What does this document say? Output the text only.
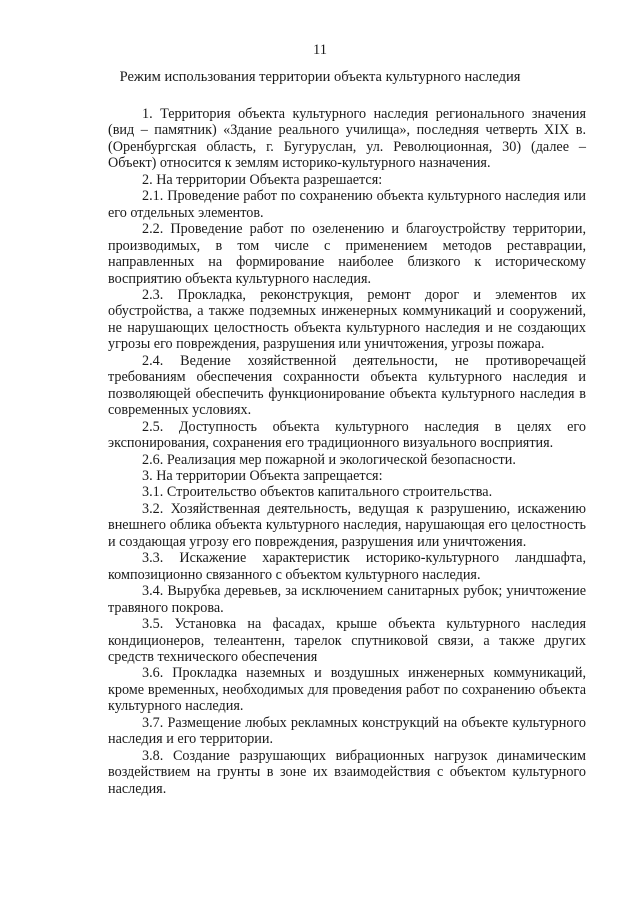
11
Режим использования территории объекта культурного наследия

1. Территория объекта культурного наследия регионального значения (вид – памятник) «Здание реального училища», последняя четверть XIX в. (Оренбургская область, г. Бугуруслан, ул. Революционная, 30) (далее – Объект) относится к землям историко-культурного назначения.

2. На территории Объекта разрешается:

2.1. Проведение работ по сохранению объекта культурного наследия или его отдельных элементов.

2.2. Проведение работ по озеленению и благоустройству территории, производимых, в том числе с применением методов реставрации, направленных на формирование наиболее близкого к историческому восприятию объекта культурного наследия.

2.3. Прокладка, реконструкция, ремонт дорог и элементов их обустройства, а также подземных инженерных коммуникаций и сооружений, не нарушающих целостность объекта культурного наследия и не создающих угрозы его повреждения, разрушения или уничтожения, угрозы пожара.

2.4. Ведение хозяйственной деятельности, не противоречащей требованиям обеспечения сохранности объекта культурного наследия и позволяющей обеспечить функционирование объекта культурного наследия в современных условиях.

2.5. Доступность объекта культурного наследия в целях его экспонирования, сохранения его традиционного визуального восприятия.

2.6. Реализация мер пожарной и экологической безопасности.

3. На территории Объекта запрещается:

3.1. Строительство объектов капитального строительства.

3.2. Хозяйственная деятельность, ведущая к разрушению, искажению внешнего облика объекта культурного наследия, нарушающая его целостность и создающая угрозу его повреждения, разрушения или уничтожения.

3.3. Искажение характеристик историко-культурного ландшафта, композиционно связанного с объектом культурного наследия.

3.4. Вырубка деревьев, за исключением санитарных рубок; уничтожение травяного покрова.

3.5. Установка на фасадах, крыше объекта культурного наследия кондиционеров, телеантенн, тарелок спутниковой связи, а также других средств технического обеспечения

3.6. Прокладка наземных и воздушных инженерных коммуникаций, кроме временных, необходимых для проведения работ по сохранению объекта культурного наследия.

3.7. Размещение любых рекламных конструкций на объекте культурного наследия и его территории.

3.8. Создание разрушающих вибрационных нагрузок динамическим воздействием на грунты в зоне их взаимодействия с объектом культурного наследия.
